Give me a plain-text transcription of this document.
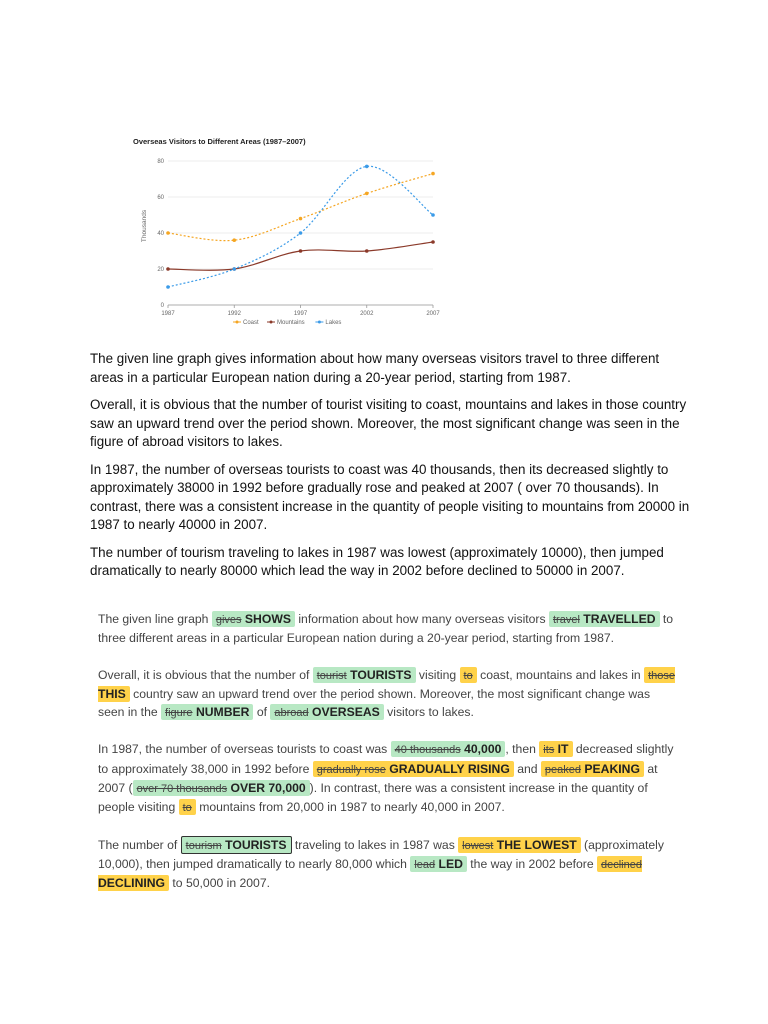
Overseas Visitors to Different Areas (1987–2007)
Thousands
0
20
40
60
80
1987	1992	1997	2002	2007
Coast	Mountains	Lakes

The given line graph gives information about how many overseas visitors travel to three different areas in a particular European nation during a 20-year period, starting from 1987.

Overall, it is obvious that the number of tourist visiting to coast, mountains and lakes in those country saw an upward trend over the period shown. Moreover, the most significant change was seen in the figure of abroad visitors to lakes.

In 1987, the number of overseas tourists to coast was 40 thousands, then its decreased slightly to approximately 38000 in 1992 before gradually rose and peaked at 2007 ( over 70 thousands). In contrast, there was a consistent increase in the quantity of people visiting to mountains from 20000 in 1987 to nearly 40000 in 2007.

The number of tourism traveling to lakes in 1987 was lowest (approximately 10000), then jumped dramatically to nearly 80000 which lead the way in 2002 before declined to 50000 in 2007.

The given line graph gives SHOWS information about how many overseas visitors travel TRAVELLED to three different areas in a particular European nation during a 20-year period, starting from 1987.

Overall, it is obvious that the number of tourist TOURISTS visiting to coast, mountains and lakes in those THIS country saw an upward trend over the period shown. Moreover, the most significant change was seen in the figure NUMBER of abroad OVERSEAS visitors to lakes.

In 1987, the number of overseas tourists to coast was 40 thousands 40,000 , then its IT decreased slightly to approximately 38,000 in 1992 before gradually rose GRADUALLY RISING and peaked PEAKING at 2007 ( over 70 thousands OVER 70,000 ). In contrast, there was a consistent increase in the quantity of people visiting to mountains from 20,000 in 1987 to nearly 40,000 in 2007.

The number of tourism TOURISTS traveling to lakes in 1987 was lowest THE LOWEST (approximately 10,000), then jumped dramatically to nearly 80,000 which lead LED the way in 2002 before declined DECLINING to 50,000 in 2007.
